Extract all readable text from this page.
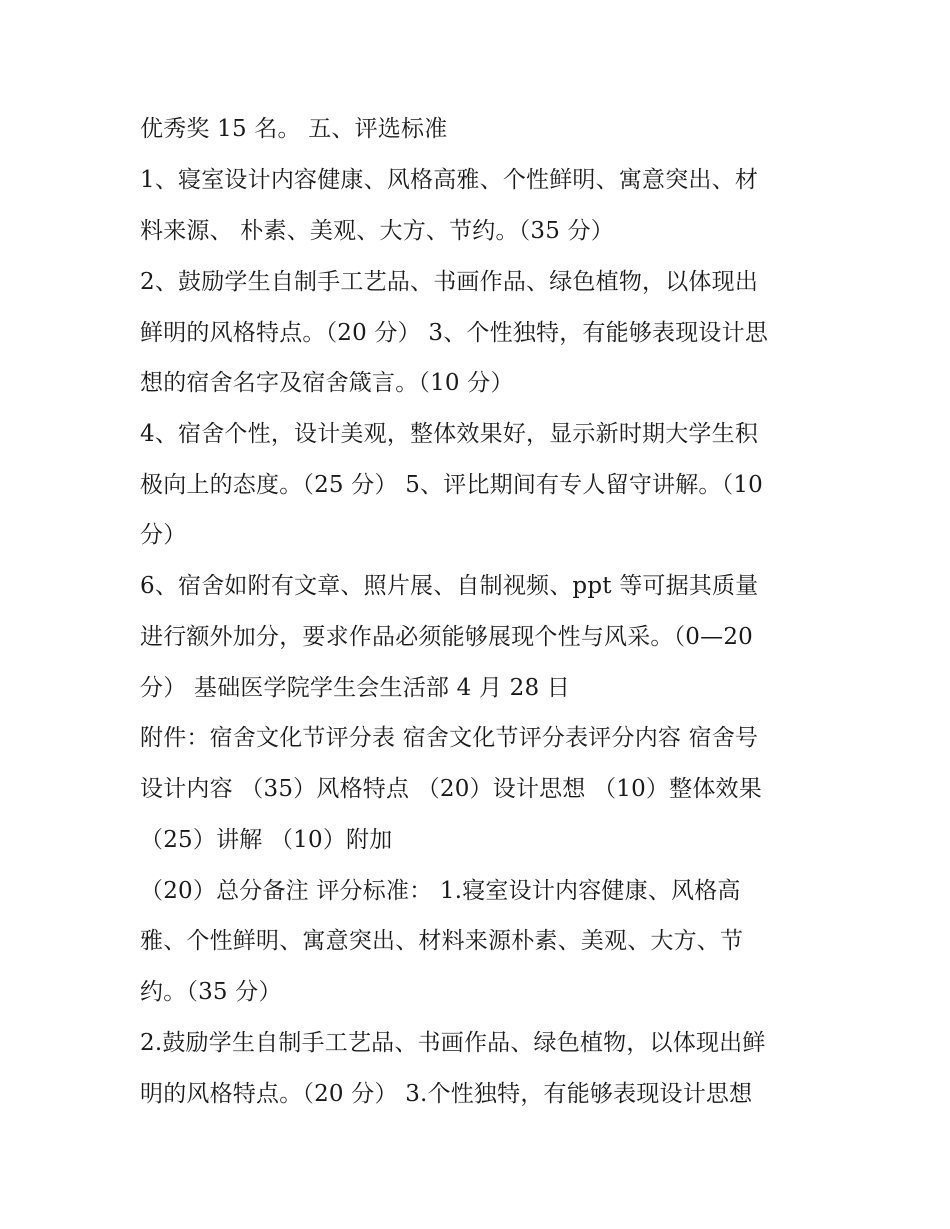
优秀奖 15 名。 五、评选标准
1、寝室设计内容健康、风格高雅、个性鲜明、寓意突出、材
料来源、 朴素、美观、大方、节约。（35 分）
2、鼓励学生自制手工艺品、书画作品、绿色植物，以体现出
鲜明的风格特点。（20 分） 3、个性独特，有能够表现设计思
想的宿舍名字及宿舍箴言。（10 分）
4、宿舍个性，设计美观，整体效果好，显示新时期大学生积
极向上的态度。（25 分） 5、评比期间有专人留守讲解。（10
分）
6、宿舍如附有文章、照片展、自制视频、ppt 等可据其质量
进行额外加分，要求作品必须能够展现个性与风采。（0—20
分） 基础医学院学生会生活部 4 月 28 日
附件：宿舍文化节评分表 宿舍文化节评分表评分内容 宿舍号
设计内容 （35）风格特点 （20）设计思想 （10）整体效果
（25）讲解 （10）附加
（20）总分备注 评分标准： 1.寝室设计内容健康、风格高
雅、个性鲜明、寓意突出、材料来源朴素、美观、大方、节
约。（35 分）
2.鼓励学生自制手工艺品、书画作品、绿色植物，以体现出鲜
明的风格特点。（20 分） 3.个性独特，有能够表现设计思想
